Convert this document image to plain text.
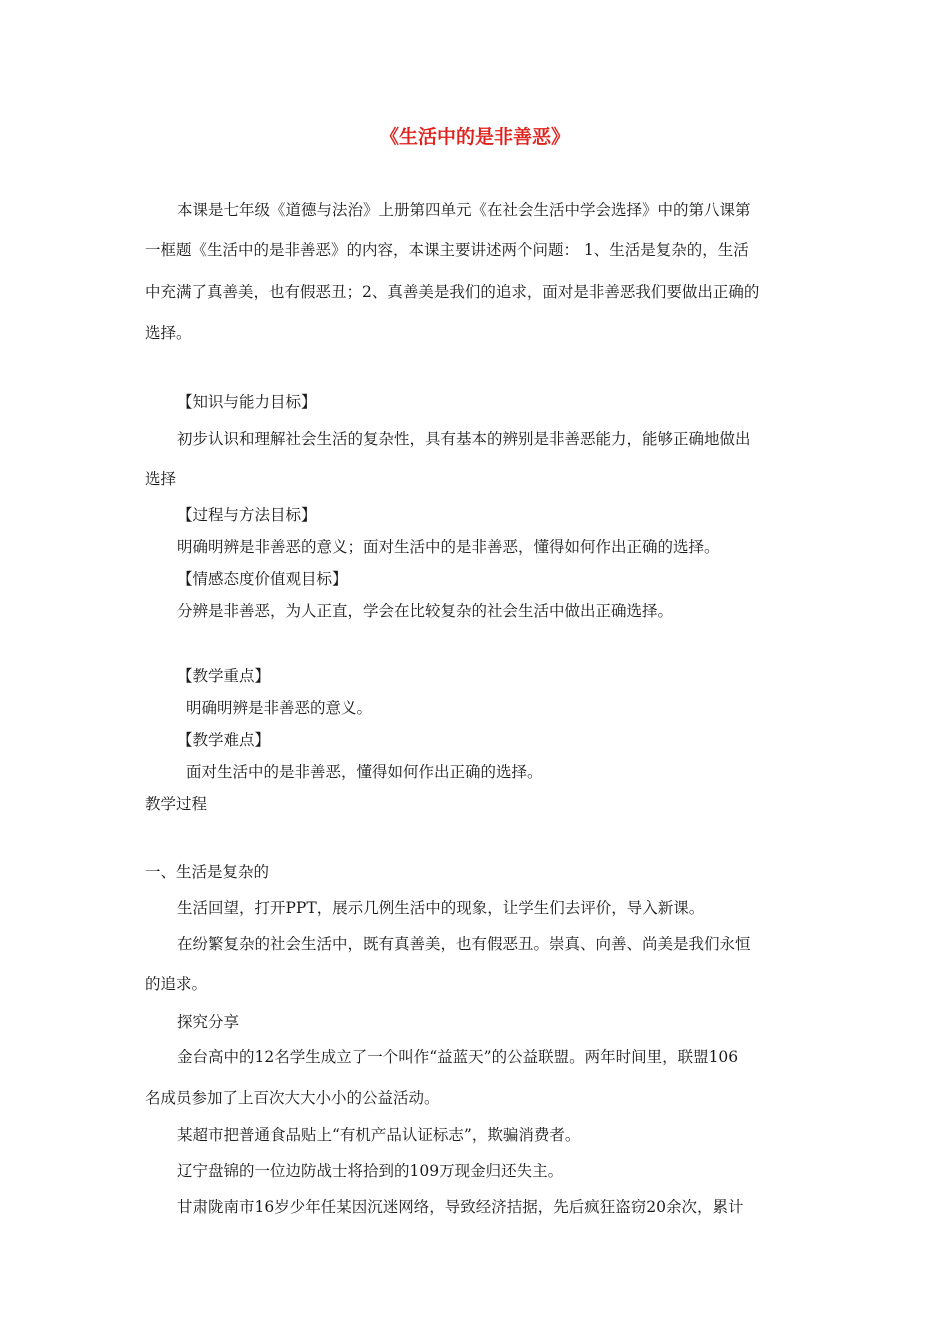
《生活中的是非善恶》
本课是七年级《道德与法治》上册第四单元《在社会生活中学会选择》中的第八课第
一框题《生活中的是非善恶》的内容，本课主要讲述两个问题： 1、生活是复杂的，生活
中充满了真善美，也有假恶丑；2、真善美是我们的追求，面对是非善恶我们要做出正确的
选择。
【知识与能力目标】
初步认识和理解社会生活的复杂性，具有基本的辨别是非善恶能力，能够正确地做出
选择
【过程与方法目标】
明确明辨是非善恶的意义；面对生活中的是非善恶，懂得如何作出正确的选择。
【情感态度价值观目标】
分辨是非善恶，为人正直，学会在比较复杂的社会生活中做出正确选择。
【教学重点】
明确明辨是非善恶的意义。
【教学难点】
面对生活中的是非善恶，懂得如何作出正确的选择。
教学过程
一、生活是复杂的
生活回望，打开PPT，展示几例生活中的现象，让学生们去评价，导入新课。
在纷繁复杂的社会生活中，既有真善美，也有假恶丑。崇真、向善、尚美是我们永恒
的追求。
探究分享
金台高中的12名学生成立了一个叫作“益蓝天”的公益联盟。两年时间里，联盟106
名成员参加了上百次大大小小的公益活动。
某超市把普通食品贴上“有机产品认证标志”，欺骗消费者。
辽宁盘锦的一位边防战士将拾到的109万现金归还失主。
甘肃陇南市16岁少年任某因沉迷网络，导致经济拮据，先后疯狂盗窃20余次，累计
